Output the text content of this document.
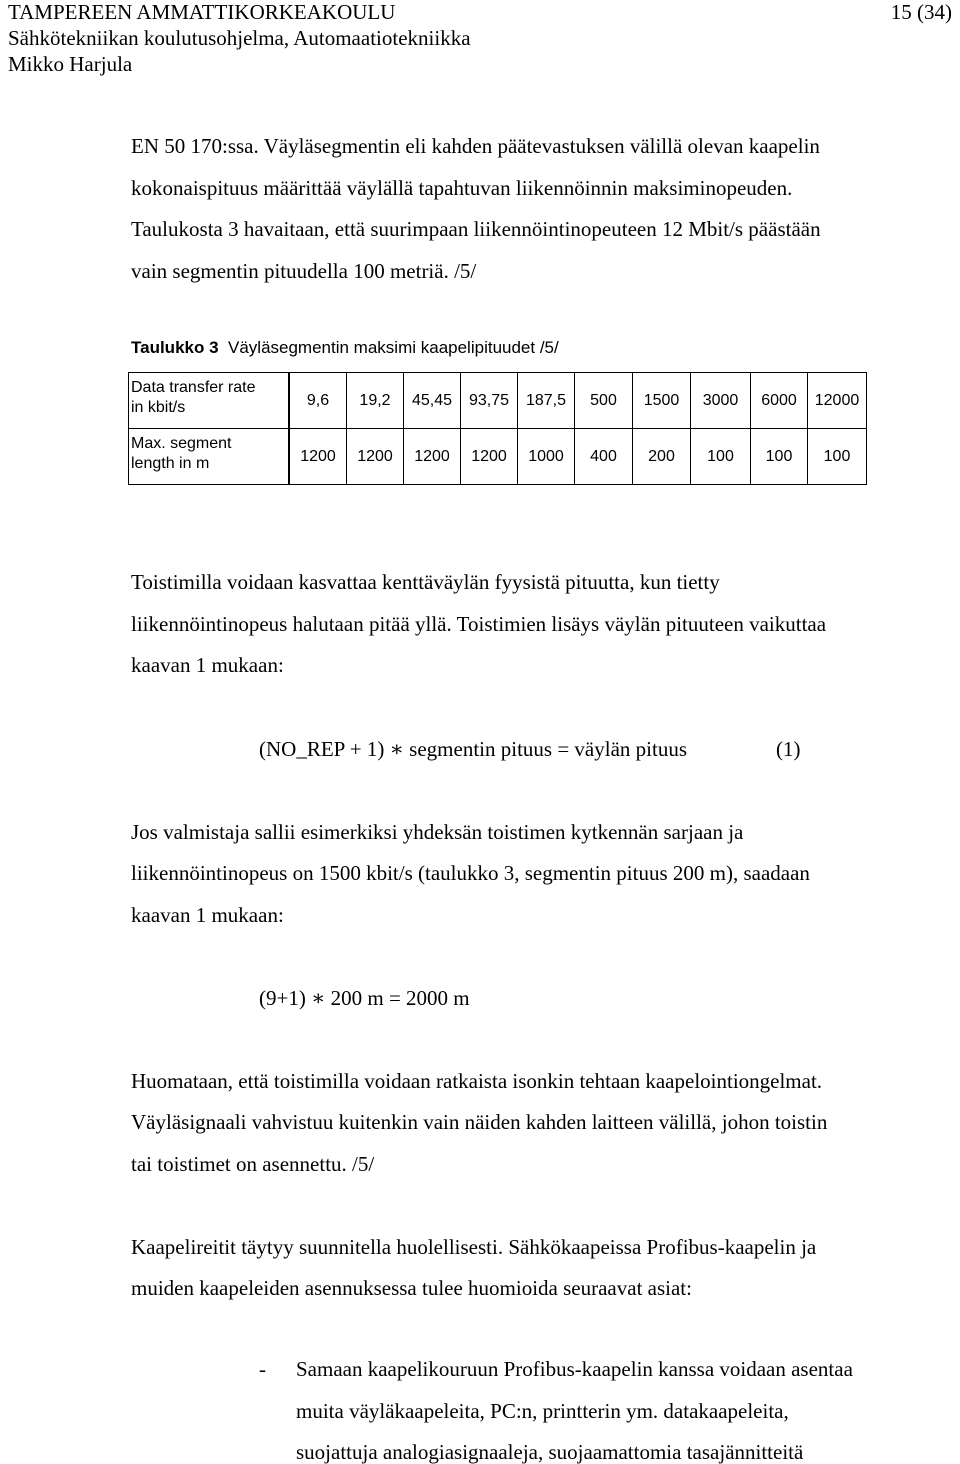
TAMPEREEN AMMATTIKORKEAKOULU	15 (34)
Sähkötekniikan koulutusohjelma, Automaatiotekniikka
Mikko Harjula
EN 50 170:ssa. Väyläsegmentin eli kahden päätevastuksen välillä olevan kaapelin
kokonaispituus määrittää väylällä tapahtuvan liikennöinnin maksiminopeuden.
Taulukosta 3 havaitaan, että suurimpaan liikennöintinopeuteen 12 Mbit/s päästään
vain segmentin pituudella 100 metriä. /5/
Taulukko 3 Väyläsegmentin maksimi kaapelipituudet /5/
Data transfer rate
in kbit/s	9,6	19,2	45,45	93,75	187,5	500	1500	3000	6000	12000

Max. segment
length in m	1200	1200	1200	1200	1000	400	200	100	100	100
Toistimilla voidaan kasvattaa kenttäväylän fyysistä pituutta, kun tietty
liikennöintinopeus halutaan pitää yllä. Toistimien lisäys väylän pituuteen vaikuttaa
kaavan 1 mukaan:
(NO_REP + 1) ∗ segmentin pituus = väylän pituus	(1)
Jos valmistaja sallii esimerkiksi yhdeksän toistimen kytkennän sarjaan ja
liikennöintinopeus on 1500 kbit/s (taulukko 3, segmentin pituus 200 m), saadaan
kaavan 1 mukaan:
(9+1) ∗ 200 m = 2000 m
Huomataan, että toistimilla voidaan ratkaista isonkin tehtaan kaapelointiongelmat.
Väyläsignaali vahvistuu kuitenkin vain näiden kahden laitteen välillä, johon toistin
tai toistimet on asennettu. /5/
Kaapelireitit täytyy suunnitella huolellisesti. Sähkökaapeissa Profibus-kaapelin ja
muiden kaapeleiden asennuksessa tulee huomioida seuraavat asiat:
- Samaan kaapelikouruun Profibus-kaapelin kanssa voidaan asentaa
muita väyläkaapeleita, PC:n, printterin ym. datakaapeleita,
suojattuja analogiasignaaleja, suojaamattomia tasajännitteitä
